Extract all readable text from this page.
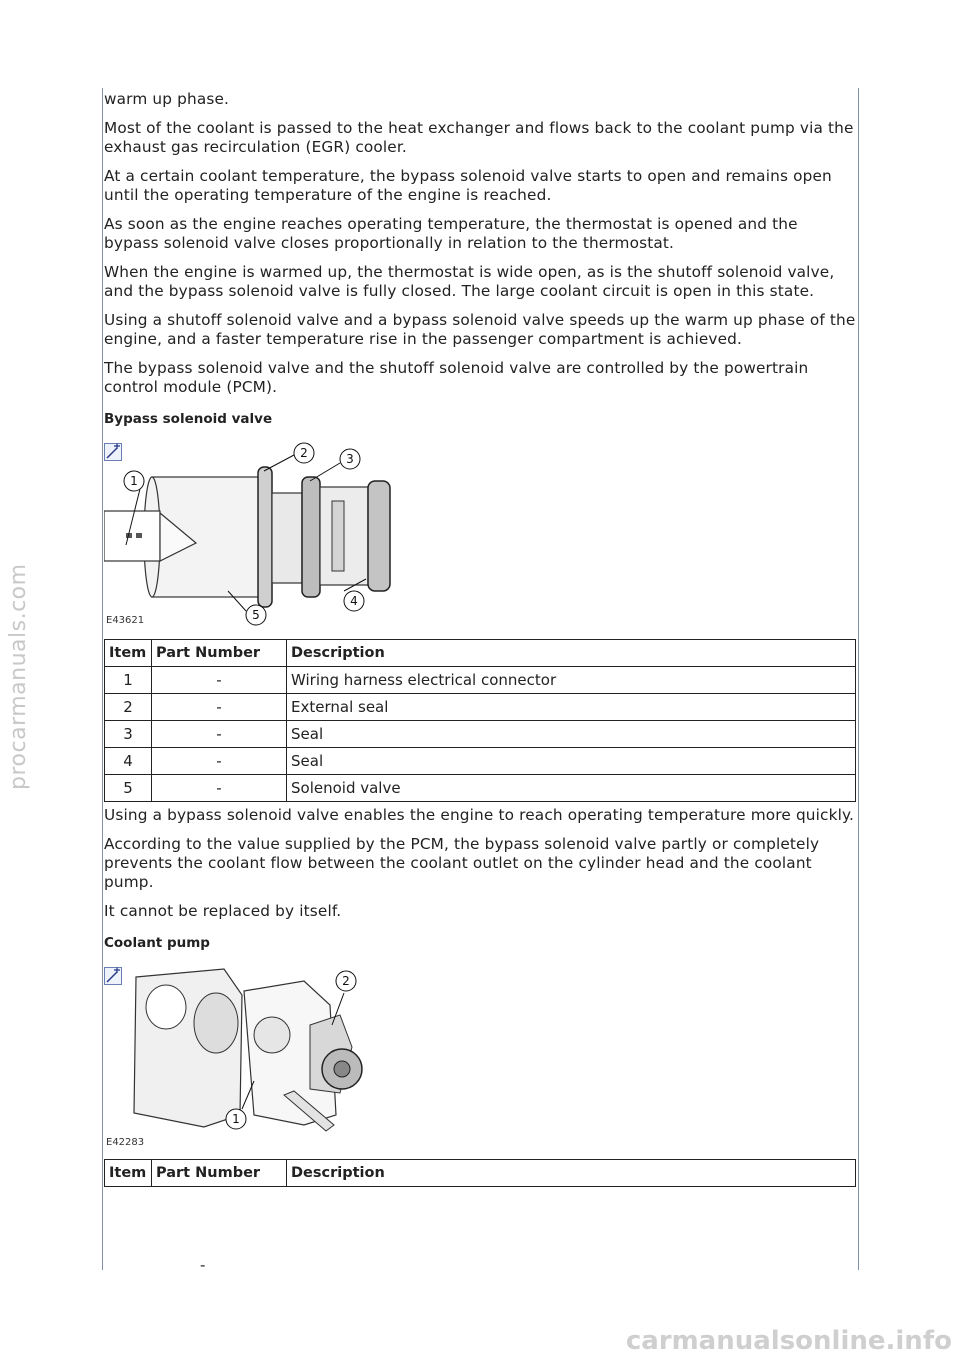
warm up phase.

Most of the coolant is passed to the heat exchanger and flows back to the coolant pump via the exhaust gas recirculation (EGR) cooler.

At a certain coolant temperature, the bypass solenoid valve starts to open and remains open until the operating temperature of the engine is reached.

As soon as the engine reaches operating temperature, the thermostat is opened and the bypass solenoid valve closes proportionally in relation to the thermostat.

When the engine is warmed up, the thermostat is wide open, as is the shutoff solenoid valve, and the bypass solenoid valve is fully closed. The large coolant circuit is open in this state.

Using a shutoff solenoid valve and a bypass solenoid valve speeds up the warm up phase of the engine, and a faster temperature rise in the passenger compartment is achieved.

The bypass solenoid valve and the shutoff solenoid valve are controlled by the powertrain control module (PCM).

Bypass solenoid valve
1
2	3
4
5
E43621
Item	Part Number	Description
1	-	Wiring harness electrical connector
2	-	External seal
3	-	Seal
4	-	Seal
5	-	Solenoid valve

Using a bypass solenoid valve enables the engine to reach operating temperature more quickly.

According to the value supplied by the PCM, the bypass solenoid valve partly or completely prevents the coolant flow between the coolant outlet on the cylinder head and the coolant pump.

It cannot be replaced by itself.

Coolant pump
1
2
E42283
Item	Part Number	Description
-
procarmanuals.com
carmanualsonline.info
